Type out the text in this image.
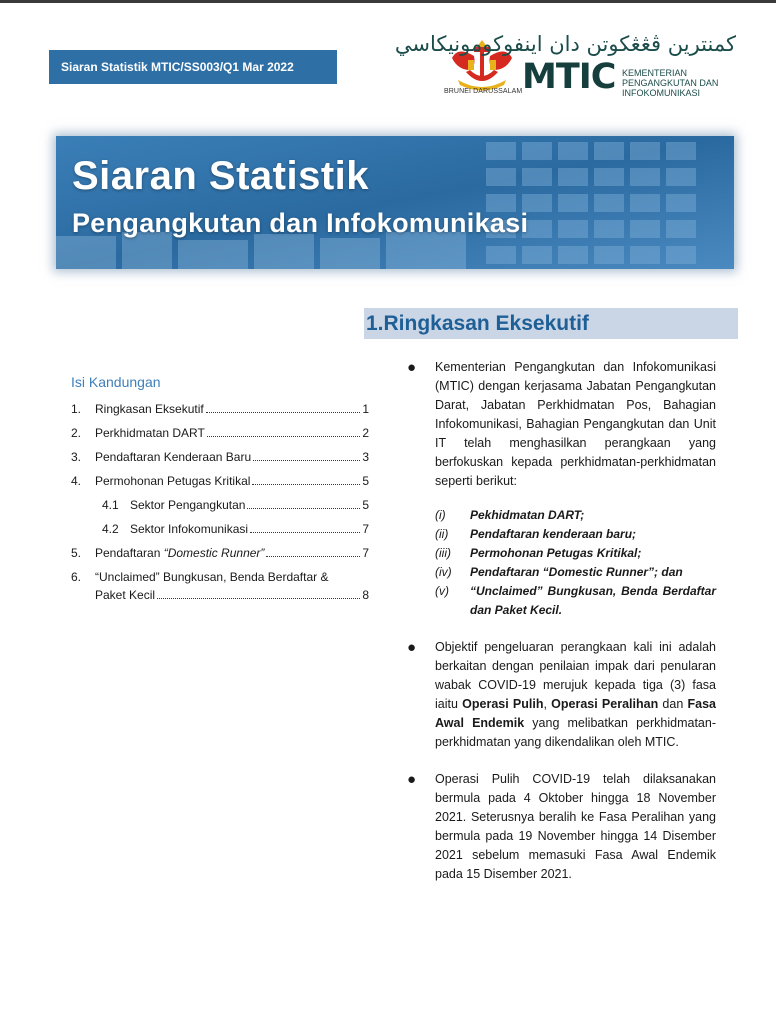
Siaran Statistik MTIC/SS003/Q1 Mar 2022
BRUNEI DARUSSALAM
كمنترين ڤڠڠكوتن دان اينفوكومونيكاسي
MTIC KEMENTERIAN
PENGANGKUTAN DAN
INFOKOMUNIKASI
Siaran Statistik
Pengangkutan dan Infokomunikasi
1.Ringkasan Eksekutif
Isi Kandungan
1.	Ringkasan Eksekutif	1
2.	Perkhidmatan DART	2
3.	Pendaftaran Kenderaan Baru	3
4.	Permohonan Petugas Kritikal	5
4.1 Sektor Pengangkutan	5
4.2 Sektor Infokomunikasi	7
5.	Pendaftaran “Domestic Runner”	7
6.	“Unclaimed” Bungkusan, Benda Berdaftar &
Paket Kecil	8
●	Kementerian Pengangkutan dan Infokomunikasi (MTIC) dengan kerjasama Jabatan Pengangkutan Darat, Jabatan Perkhidmatan Pos, Bahagian Infokomunikasi, Bahagian Pengangkutan dan Unit IT telah menghasilkan perangkaan yang berfokuskan kepada perkhidmatan-perkhidmatan seperti berikut:
(i)	Pekhidmatan DART;
(ii)	Pendaftaran kenderaan baru;
(iii)	Permohonan Petugas Kritikal;
(iv)	Pendaftaran “Domestic Runner”; dan
(v)	“Unclaimed” Bungkusan, Benda Berdaftar dan Paket Kecil.
●	Objektif pengeluaran perangkaan kali ini adalah berkaitan dengan penilaian impak dari penularan wabak COVID-19 merujuk kepada tiga (3) fasa iaitu Operasi Pulih, Operasi Peralihan dan Fasa Awal Endemik yang melibatkan perkhidmatan-perkhidmatan yang dikendalikan oleh MTIC.
●	Operasi Pulih COVID-19 telah dilaksanakan bermula pada 4 Oktober hingga 18 November 2021. Seterusnya beralih ke Fasa Peralihan yang bermula pada 19 November hingga 14 Disember 2021 sebelum memasuki Fasa Awal Endemik pada 15 Disember 2021.
